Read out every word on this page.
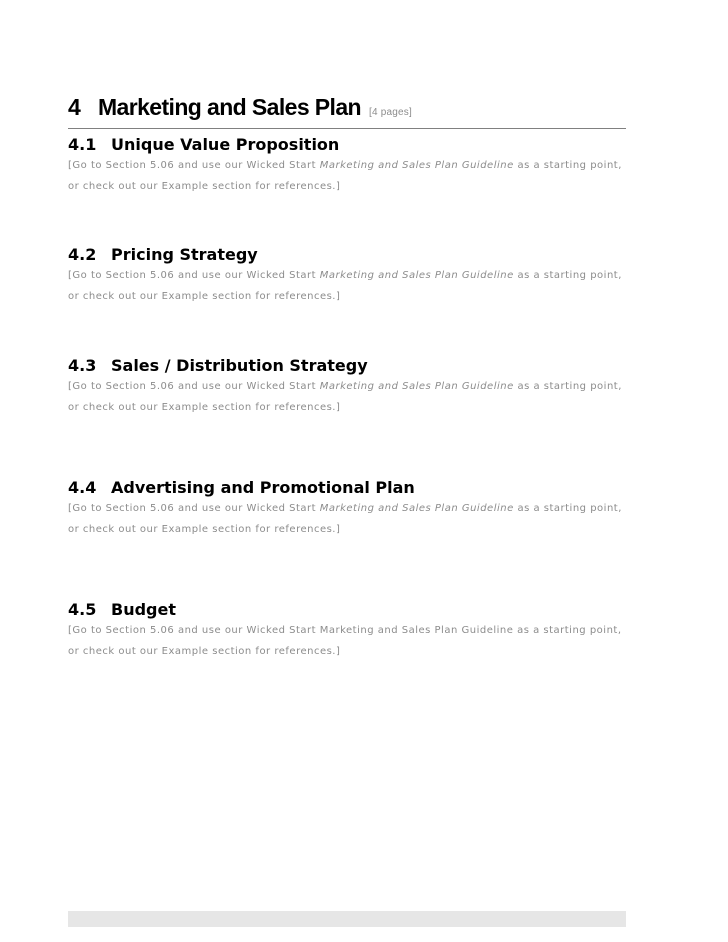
4 Marketing and Sales Plan [4 pages]
4.1 Unique Value Proposition
[Go to Section 5.06 and use our Wicked Start Marketing and Sales Plan Guideline as a starting point, or check out our Example section for references.]
4.2 Pricing Strategy
[Go to Section 5.06 and use our Wicked Start Marketing and Sales Plan Guideline as a starting point, or check out our Example section for references.]
4.3 Sales / Distribution Strategy
[Go to Section 5.06 and use our Wicked Start Marketing and Sales Plan Guideline as a starting point, or check out our Example section for references.]
4.4 Advertising and Promotional Plan
[Go to Section 5.06 and use our Wicked Start Marketing and Sales Plan Guideline as a starting point, or check out our Example section for references.]
4.5 Budget
[Go to Section 5.06 and use our Wicked Start Marketing and Sales Plan Guideline as a starting point, or check out our Example section for references.]
